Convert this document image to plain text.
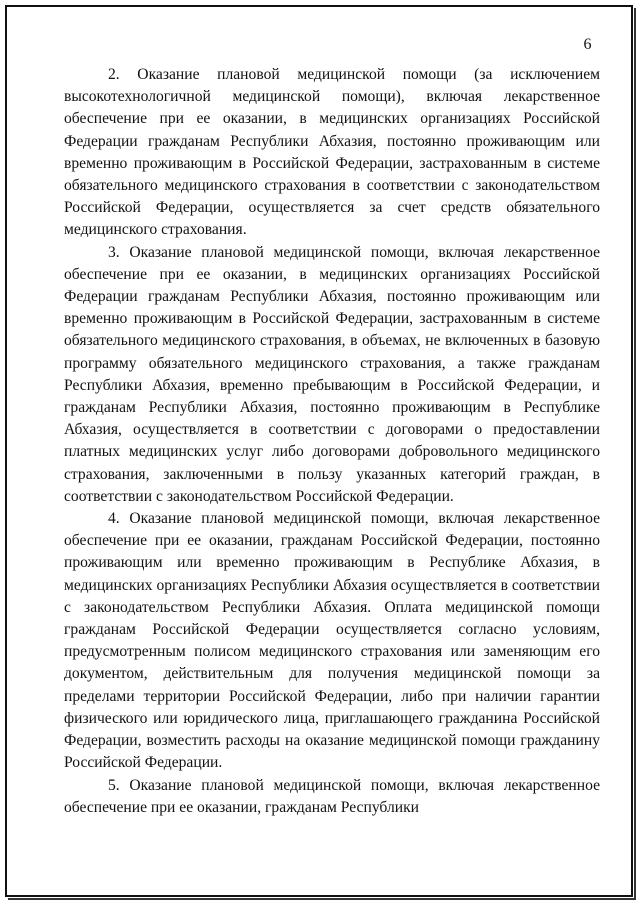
6

2. Оказание плановой медицинской помощи (за исключением высокотехнологичной медицинской помощи), включая лекарственное обеспечение при ее оказании, в медицинских организациях Российской Федерации гражданам Республики Абхазия, постоянно проживающим или временно проживающим в Российской Федерации, застрахованным в системе обязательного медицинского страхования в соответствии с законодательством Российской Федерации, осуществляется за счет средств обязательного медицинского страхования.

3. Оказание плановой медицинской помощи, включая лекарственное обеспечение при ее оказании, в медицинских организациях Российской Федерации гражданам Республики Абхазия, постоянно проживающим или временно проживающим в Российской Федерации, застрахованным в системе обязательного медицинского страхования, в объемах, не включенных в базовую программу обязательного медицинского страхования, а также гражданам Республики Абхазия, временно пребывающим в Российской Федерации, и гражданам Республики Абхазия, постоянно проживающим в Республике Абхазия, осуществляется в соответствии с договорами о предоставлении платных медицинских услуг либо договорами добровольного медицинского страхования, заключенными в пользу указанных категорий граждан, в соответствии с законодательством Российской Федерации.

4. Оказание плановой медицинской помощи, включая лекарственное обеспечение при ее оказании, гражданам Российской Федерации, постоянно проживающим или временно проживающим в Республике Абхазия, в медицинских организациях Республики Абхазия осуществляется в соответствии с законодательством Республики Абхазия. Оплата медицинской помощи гражданам Российской Федерации осуществляется согласно условиям, предусмотренным полисом медицинского страхования или заменяющим его документом, действительным для получения медицинской помощи за пределами территории Российской Федерации, либо при наличии гарантии физического или юридического лица, приглашающего гражданина Российской Федерации, возместить расходы на оказание медицинской помощи гражданину Российской Федерации.

5. Оказание плановой медицинской помощи, включая лекарственное обеспечение при ее оказании, гражданам Республики
